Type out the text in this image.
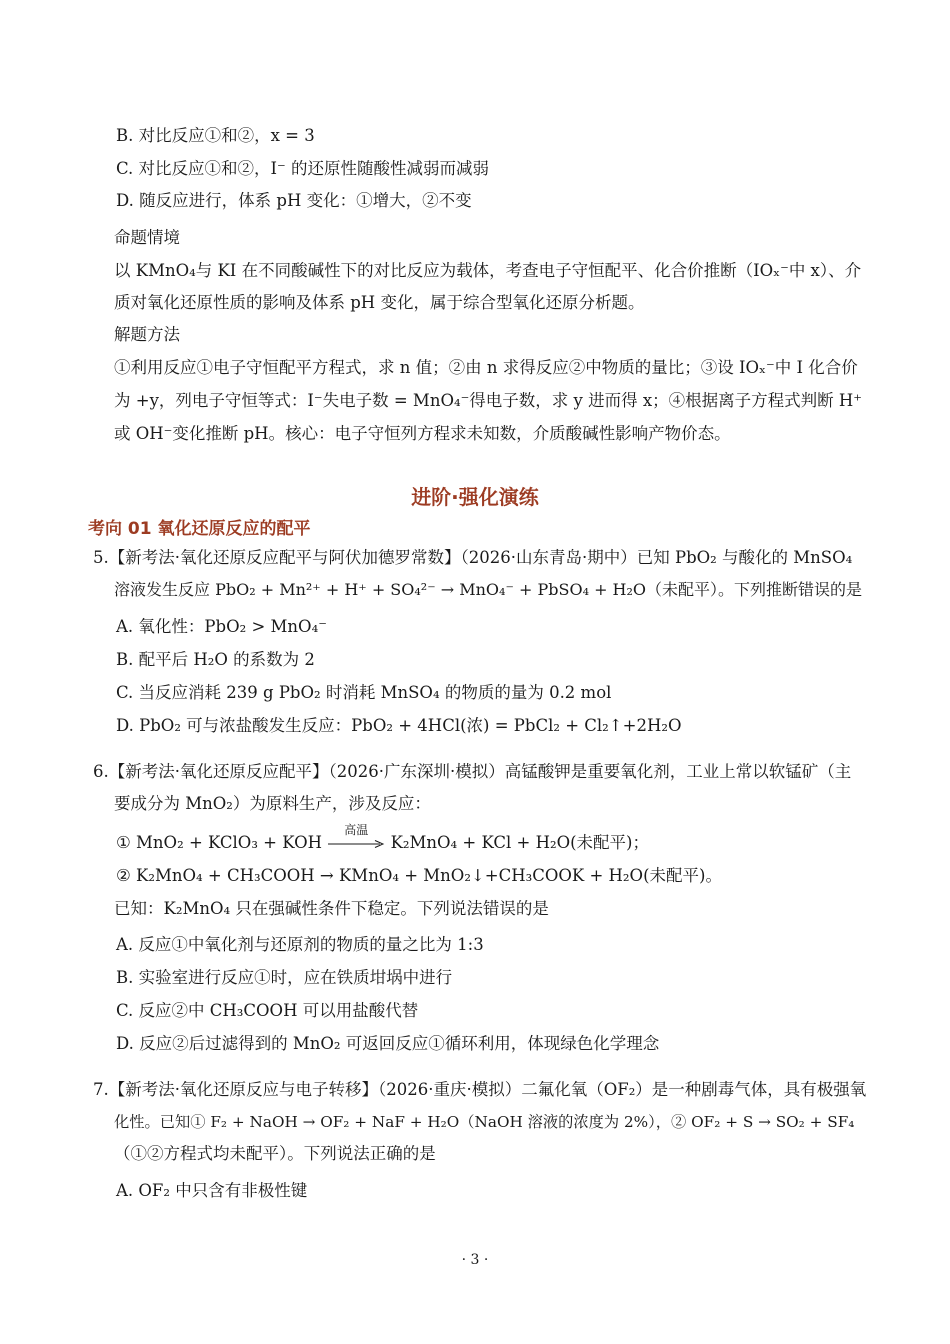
B. 对比反应①和②，x = 3
C. 对比反应①和②，I⁻ 的还原性随酸性减弱而减弱
D. 随反应进行，体系 pH 变化：①增大，②不变
命题情境
以 KMnO₄与 KI 在不同酸碱性下的对比反应为载体，考查电子守恒配平、化合价推断（IOₓ⁻中 x）、介
质对氧化还原性质的影响及体系 pH 变化，属于综合型氧化还原分析题。
解题方法
①利用反应①电子守恒配平方程式，求 n 值；②由 n 求得反应②中物质的量比；③设 IOₓ⁻中 I 化合价
为 +y，列电子守恒等式：I⁻失电子数 = MnO₄⁻得电子数，求 y 进而得 x；④根据离子方程式判断 H⁺
或 OH⁻变化推断 pH。核心：电子守恒列方程求未知数，介质酸碱性影响产物价态。
进阶·强化演练
考向 01 氧化还原反应的配平
5.【新考法·氧化还原反应配平与阿伏加德罗常数】（2026·山东青岛·期中）已知 PbO₂ 与酸化的 MnSO₄
溶液发生反应 PbO₂ + Mn²⁺ + H⁺ + SO₄²⁻ → MnO₄⁻ + PbSO₄ + H₂O（未配平）。下列推断错误的是
A. 氧化性：PbO₂ > MnO₄⁻
B. 配平后 H₂O 的系数为 2
C. 当反应消耗 239 g PbO₂ 时消耗 MnSO₄ 的物质的量为 0.2 mol
D. PbO₂ 可与浓盐酸发生反应：PbO₂ + 4HCl(浓) = PbCl₂ + Cl₂↑+2H₂O
6.【新考法·氧化还原反应配平】（2026·广东深圳·模拟）高锰酸钾是重要氧化剂，工业上常以软锰矿（主
要成分为 MnO₂）为原料生产，涉及反应：
① MnO₂ + KClO₃ + KOH
高温
K₂MnO₄ + KCl + H₂O(未配平)；
② K₂MnO₄ + CH₃COOH → KMnO₄ + MnO₂↓+CH₃COOK + H₂O(未配平)。
已知：K₂MnO₄ 只在强碱性条件下稳定。下列说法错误的是
A. 反应①中氧化剂与还原剂的物质的量之比为 1:3
B. 实验室进行反应①时，应在铁质坩埚中进行
C. 反应②中 CH₃COOH 可以用盐酸代替
D. 反应②后过滤得到的 MnO₂ 可返回反应①循环利用，体现绿色化学理念
7.【新考法·氧化还原反应与电子转移】（2026·重庆·模拟）二氟化氧（OF₂）是一种剧毒气体，具有极强氧
化性。已知① F₂ + NaOH → OF₂ + NaF + H₂O（NaOH 溶液的浓度为 2%），② OF₂ + S → SO₂ + SF₄
（①②方程式均未配平）。下列说法正确的是
A. OF₂ 中只含有非极性键
· 3 ·
